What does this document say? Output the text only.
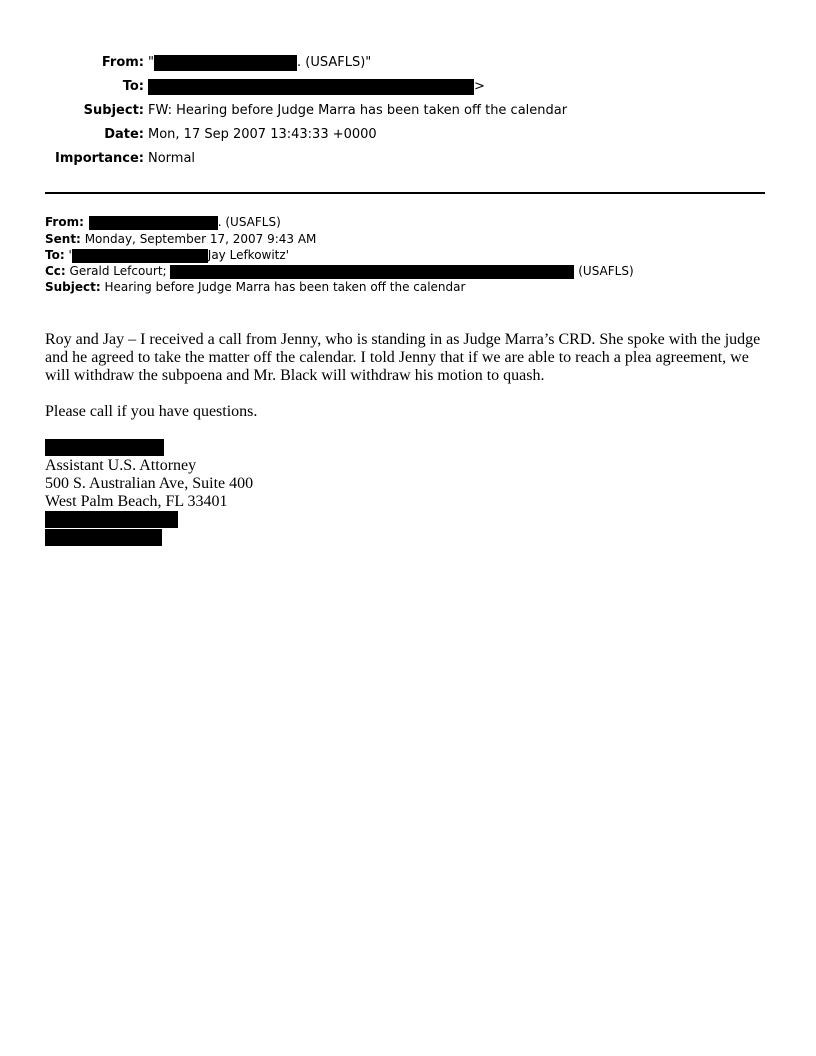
From: "	. (USAFLS)"
To:	>
Subject: FW: Hearing before Judge Marra has been taken off the calendar
Date: Mon, 17 Sep 2007 13:43:33 +0000
Importance: Normal
From:	. (USAFLS)
Sent: Monday, September 17, 2007 9:43 AM
To: '	Jay Lefkowitz'
Cc: Gerald Lefcourt;	(USAFLS)
Subject: Hearing before Judge Marra has been taken off the calendar

Roy and Jay – I received a call from Jenny, who is standing in as Judge Marra’s CRD. She spoke with the judge and he agreed to take the matter off the calendar. I told Jenny that if we are able to reach a plea agreement, we will withdraw the subpoena and Mr. Black will withdraw his motion to quash.

Please call if you have questions.

Assistant U.S. Attorney
500 S. Australian Ave, Suite 400
West Palm Beach, FL 33401
